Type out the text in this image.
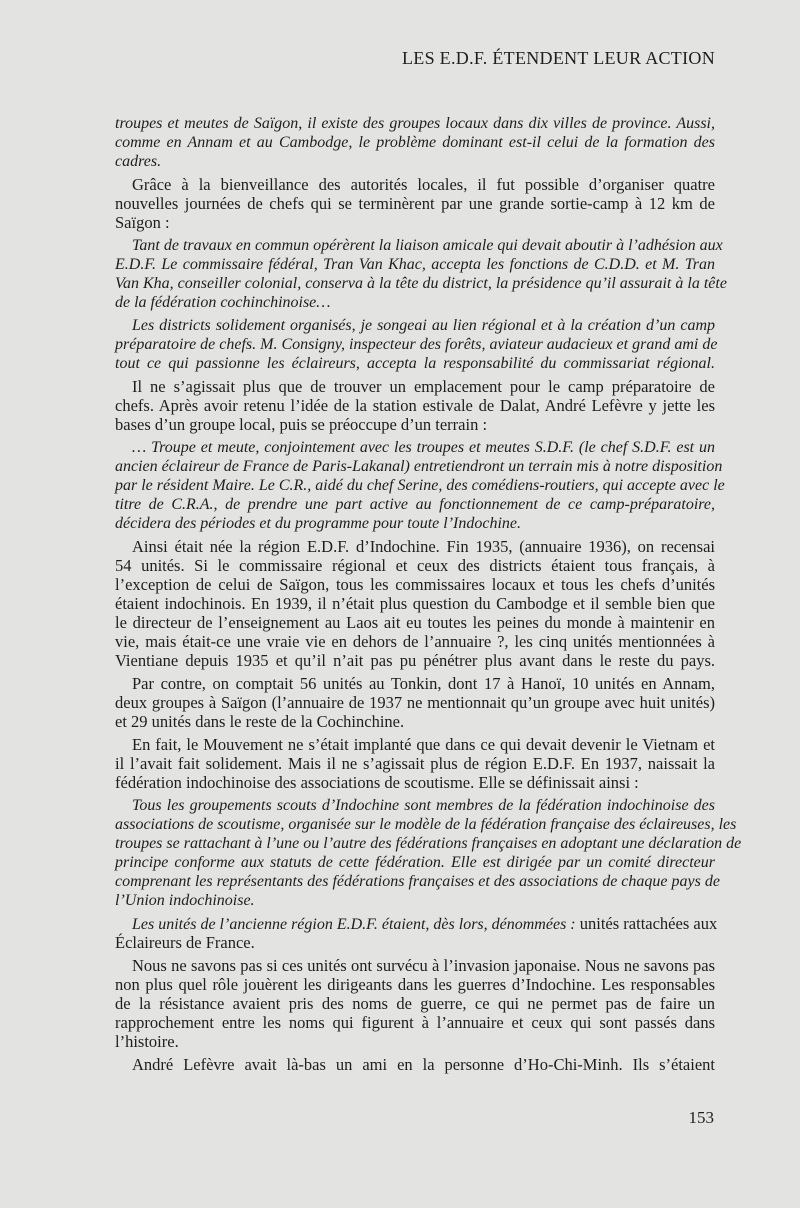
LES E.D.F. ÉTENDENT LEUR ACTION
troupes et meutes de Saïgon, il existe des groupes locaux dans dix villes de province. Aussi,
comme en Annam et au Cambodge, le problème dominant est-il celui de la formation des
cadres.
Grâce à la bienveillance des autorités locales, il fut possible d’organiser quatre
nouvelles journées de chefs qui se terminèrent par une grande sortie-camp à 12 km de
Saïgon :
Tant de travaux en commun opérèrent la liaison amicale qui devait aboutir à l’adhésion aux
E.D.F. Le commissaire fédéral, Tran Van Khac, accepta les fonctions de C.D.D. et M. Tran
Van Kha, conseiller colonial, conserva à la tête du district, la présidence qu’il assurait à la tête
de la fédération cochinchinoise…
Les districts solidement organisés, je songeai au lien régional et à la création d’un camp
préparatoire de chefs. M. Consigny, inspecteur des forêts, aviateur audacieux et grand ami de
tout ce qui passionne les éclaireurs, accepta la responsabilité du commissariat régional.
Il ne s’agissait plus que de trouver un emplacement pour le camp préparatoire de
chefs. Après avoir retenu l’idée de la station estivale de Dalat, André Lefèvre y jette les
bases d’un groupe local, puis se préoccupe d’un terrain :
… Troupe et meute, conjointement avec les troupes et meutes S.D.F. (le chef S.D.F. est un
ancien éclaireur de France de Paris-Lakanal) entretiendront un terrain mis à notre disposition
par le résident Maire. Le C.R., aidé du chef Serine, des comédiens-routiers, qui accepte avec le
titre de C.R.A., de prendre une part active au fonctionnement de ce camp-préparatoire,
décidera des périodes et du programme pour toute l’Indochine.
Ainsi était née la région E.D.F. d’Indochine. Fin 1935, (annuaire 1936), on recensai
54 unités. Si le commissaire régional et ceux des districts étaient tous français, à
l’exception de celui de Saïgon, tous les commissaires locaux et tous les chefs d’unités
étaient indochinois. En 1939, il n’était plus question du Cambodge et il semble bien que
le directeur de l’enseignement au Laos ait eu toutes les peines du monde à maintenir en
vie, mais était-ce une vraie vie en dehors de l’annuaire ?, les cinq unités mentionnées à
Vientiane depuis 1935 et qu’il n’ait pas pu pénétrer plus avant dans le reste du pays.
Par contre, on comptait 56 unités au Tonkin, dont 17 à Hanoï, 10 unités en Annam,
deux groupes à Saïgon (l’annuaire de 1937 ne mentionnait qu’un groupe avec huit unités)
et 29 unités dans le reste de la Cochinchine.
En fait, le Mouvement ne s’était implanté que dans ce qui devait devenir le Vietnam et
il l’avait fait solidement. Mais il ne s’agissait plus de région E.D.F. En 1937, naissait la
fédération indochinoise des associations de scoutisme. Elle se définissait ainsi :
Tous les groupements scouts d’Indochine sont membres de la fédération indochinoise des
associations de scoutisme, organisée sur le modèle de la fédération française des éclaireuses, les
troupes se rattachant à l’une ou l’autre des fédérations françaises en adoptant une déclaration de
principe conforme aux statuts de cette fédération. Elle est dirigée par un comité directeur
comprenant les représentants des fédérations françaises et des associations de chaque pays de
l’Union indochinoise.
Les unités de l’ancienne région E.D.F. étaient, dès lors, dénommées : unités rattachées aux
Éclaireurs de France.
Nous ne savons pas si ces unités ont survécu à l’invasion japonaise. Nous ne savons pas
non plus quel rôle jouèrent les dirigeants dans les guerres d’Indochine. Les responsables
de la résistance avaient pris des noms de guerre, ce qui ne permet pas de faire un
rapprochement entre les noms qui figurent à l’annuaire et ceux qui sont passés dans
l’histoire.
André Lefèvre avait là-bas un ami en la personne d’Ho-Chi-Minh. Ils s’étaient
153
